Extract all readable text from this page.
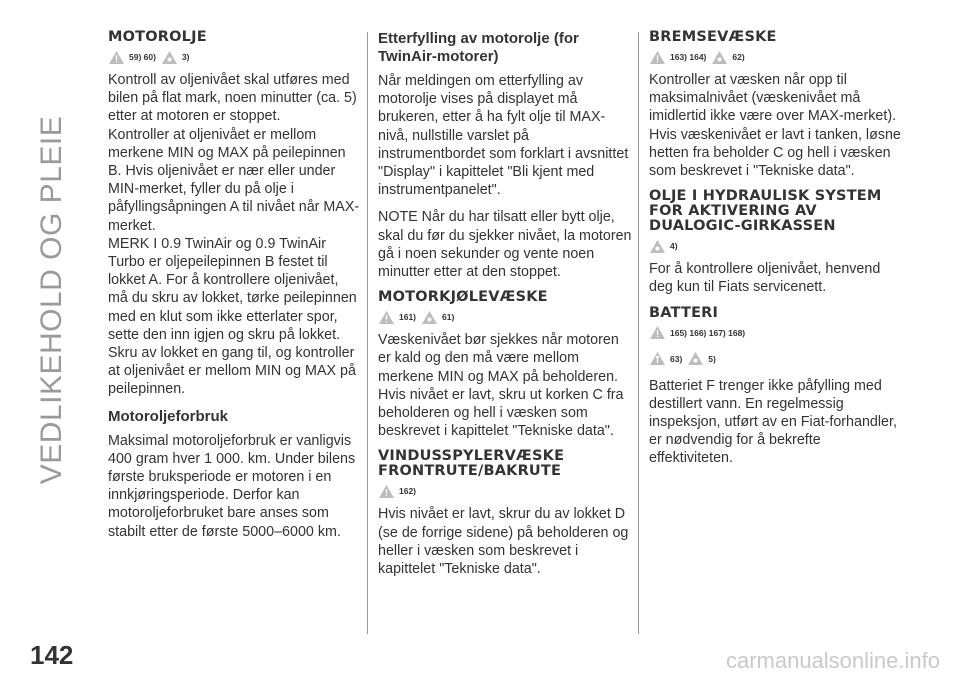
VEDLIKEHOLD OG PLEIE
MOTOROLJE
59) 60)	3)

Kontroll av oljenivået skal utføres med bilen på flat mark, noen minutter (ca. 5) etter at motoren er stoppet.

Kontroller at oljenivået er mellom merkene MIN og MAX på peilepinnen B. Hvis oljenivået er nær eller under MIN-merket, fyller du på olje i påfyllingsåpningen A til nivået når MAX-merket.

MERK I 0.9 TwinAir og 0.9 TwinAir Turbo er oljepeilepinnen B festet til lokket A. For å kontrollere oljenivået, må du skru av lokket, tørke peilepinnen med en klut som ikke etterlater spor, sette den inn igjen og skru på lokket. Skru av lokket en gang til, og kontroller at oljenivået er mellom MIN og MAX på peilepinnen.

Motoroljeforbruk

Maksimal motoroljeforbruk er vanligvis 400 gram hver 1 000. km. Under bilens første bruksperiode er motoren i en innkjøringsperiode. Derfor kan motoroljeforbruket bare anses som stabilt etter de første 5000–6000 km.

Etterfylling av motorolje (for TwinAir-motorer)

Når meldingen om etterfylling av motorolje vises på displayet må brukeren, etter å ha fylt olje til MAX-nivå, nullstille varslet på instrumentbordet som forklart i avsnittet "Display" i kapittelet "Bli kjent med instrumentpanelet".

NOTE Når du har tilsatt eller bytt olje, skal du før du sjekker nivået, la motoren gå i noen sekunder og vente noen minutter etter at den stoppet.

MOTORKJØLEVÆSKE
161)	61)

Væskenivået bør sjekkes når motoren er kald og den må være mellom merkene MIN og MAX på beholderen. Hvis nivået er lavt, skru ut korken C fra beholderen og hell i væsken som beskrevet i kapittelet "Tekniske data".

VINDUSSPYLERVÆSKE FRONTRUTE/BAKRUTE
162)

Hvis nivået er lavt, skrur du av lokket D (se de forrige sidene) på beholderen og heller i væsken som beskrevet i kapittelet "Tekniske data".

BREMSEVÆSKE
163) 164)	62)

Kontroller at væsken når opp til maksimalnivået (væskenivået må imidlertid ikke være over MAX-merket). Hvis væskenivået er lavt i tanken, løsne hetten fra beholder C og hell i væsken som beskrevet i "Tekniske data".

OLJE I HYDRAULISK SYSTEM FOR AKTIVERING AV DUALOGIC-GIRKASSEN
4)

For å kontrollere oljenivået, henvend deg kun til Fiats servicenett.

BATTERI
165) 166) 167) 168)
63)	5)

Batteriet F trenger ikke påfylling med destillert vann. En regelmessig inspeksjon, utført av en Fiat-forhandler, er nødvendig for å bekrefte effektiviteten.

142	carmanualsonline.info
